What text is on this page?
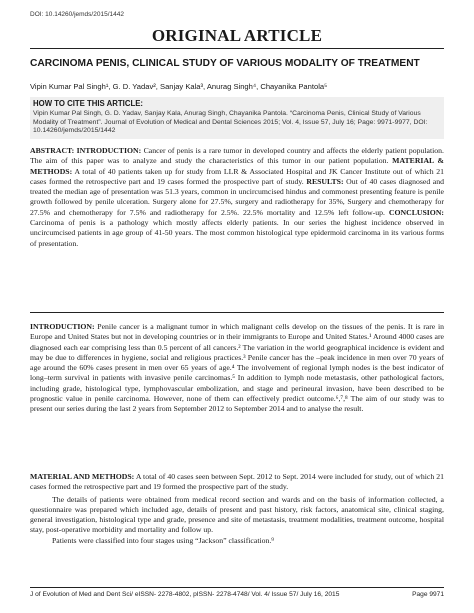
DOI: 10.14260/jemds/2015/1442
ORIGINAL ARTICLE
CARCINOMA PENIS, CLINICAL STUDY OF VARIOUS MODALITY OF TREATMENT
Vipin Kumar Pal Singh¹, G. D. Yadav², Sanjay Kala³, Anurag Singh⁴, Chayanika Pantola⁵
HOW TO CITE THIS ARTICLE:
Vipin Kumar Pal Singh, G. D. Yadav, Sanjay Kala, Anurag Singh, Chayanika Pantola. “Carcinoma Penis, Clinical Study of Various Modality of Treatment”. Journal of Evolution of Medical and Dental Sciences 2015; Vol. 4, Issue 57, July 16; Page: 9971-9977, DOI: 10.14260/jemds/2015/1442

ABSTRACT: INTRODUCTION: Cancer of penis is a rare tumor in developed country and affects the elderly patient population. The aim of this paper was to analyze and study the characteristics of this tumor in our patient population. MATERIAL & METHODS: A total of 40 patients taken up for study from LLR & Associated Hospital and JK Cancer Institute out of which 21 cases formed the retrospective part and 19 cases formed the prospective part of study. RESULTS: Out of 40 cases diagnosed and treated the median age of presentation was 51.3 years, common in uncircumcised hindus and commonest presenting feature is penile growth followed by penile ulceration. Surgery alone for 27.5%, surgery and radiotherapy for 35%, Surgery and chemotherapy for 27.5% and chemotherapy for 7.5% and radiotherapy for 2.5%. 22.5% mortality and 12.5% left follow-up. CONCLUSION: Carcinoma of penis is a pathology which mostly affects elderly patients. In our series the highest incidence observed in uncircumcised patients in age group of 41-50 years. The most common histological type epidermoid carcinoma in its various forms of presentation.

INTRODUCTION: Penile cancer is a malignant tumor in which malignant cells develop on the tissues of the penis. It is rare in Europe and United States but not in developing countries or in their immigrants to Europe and United States.¹ Around 4000 cases are diagnosed each ear comprising less than 0.5 percent of all cancers.² The variation in the world geographical incidence is evident and may be due to differences in hygiene, social and religious practices.³ Penile cancer has the –peak incidence in men over 70 years of age around the 60% cases present in men over 65 years of age.⁴ The involvement of regional lymph nodes is the best indicator of long–term survival in patients with invasive penile carcinomas.⁵ In addition to lymph node metastasis, other pathological factors, including grade, histological type, lymphovascular embolization, and stage and perineural invasion, have been described to be prognostic value in penile carcinoma. However, none of them can effectively predict outcome.⁶,⁷,⁸ The aim of our study was to present our series during the last 2 years from September 2012 to September 2014 and to analyse the result.

MATERIAL AND METHODS: A total of 40 cases seen between Sept. 2012 to Sept. 2014 were included for study, out of which 21 cases formed the retrospective part and 19 formed the prospective part of the study.

The details of patients were obtained from medical record section and wards and on the basis of information collected, a questionnaire was prepared which included age, details of present and past history, risk factors, anatomical site, clinical staging, general investigation, histological type and grade, presence and site of metastasis, treatment modalities, treatment outcome, hospital stay, post-operative morbidity and mortality and follow up.

Patients were classified into four stages using “Jackson” classification.⁹

J of Evolution of Med and Dent Sci/ eISSN- 2278-4802, pISSN- 2278-4748/ Vol. 4/ Issue 57/ July 16, 2015	Page 9971
